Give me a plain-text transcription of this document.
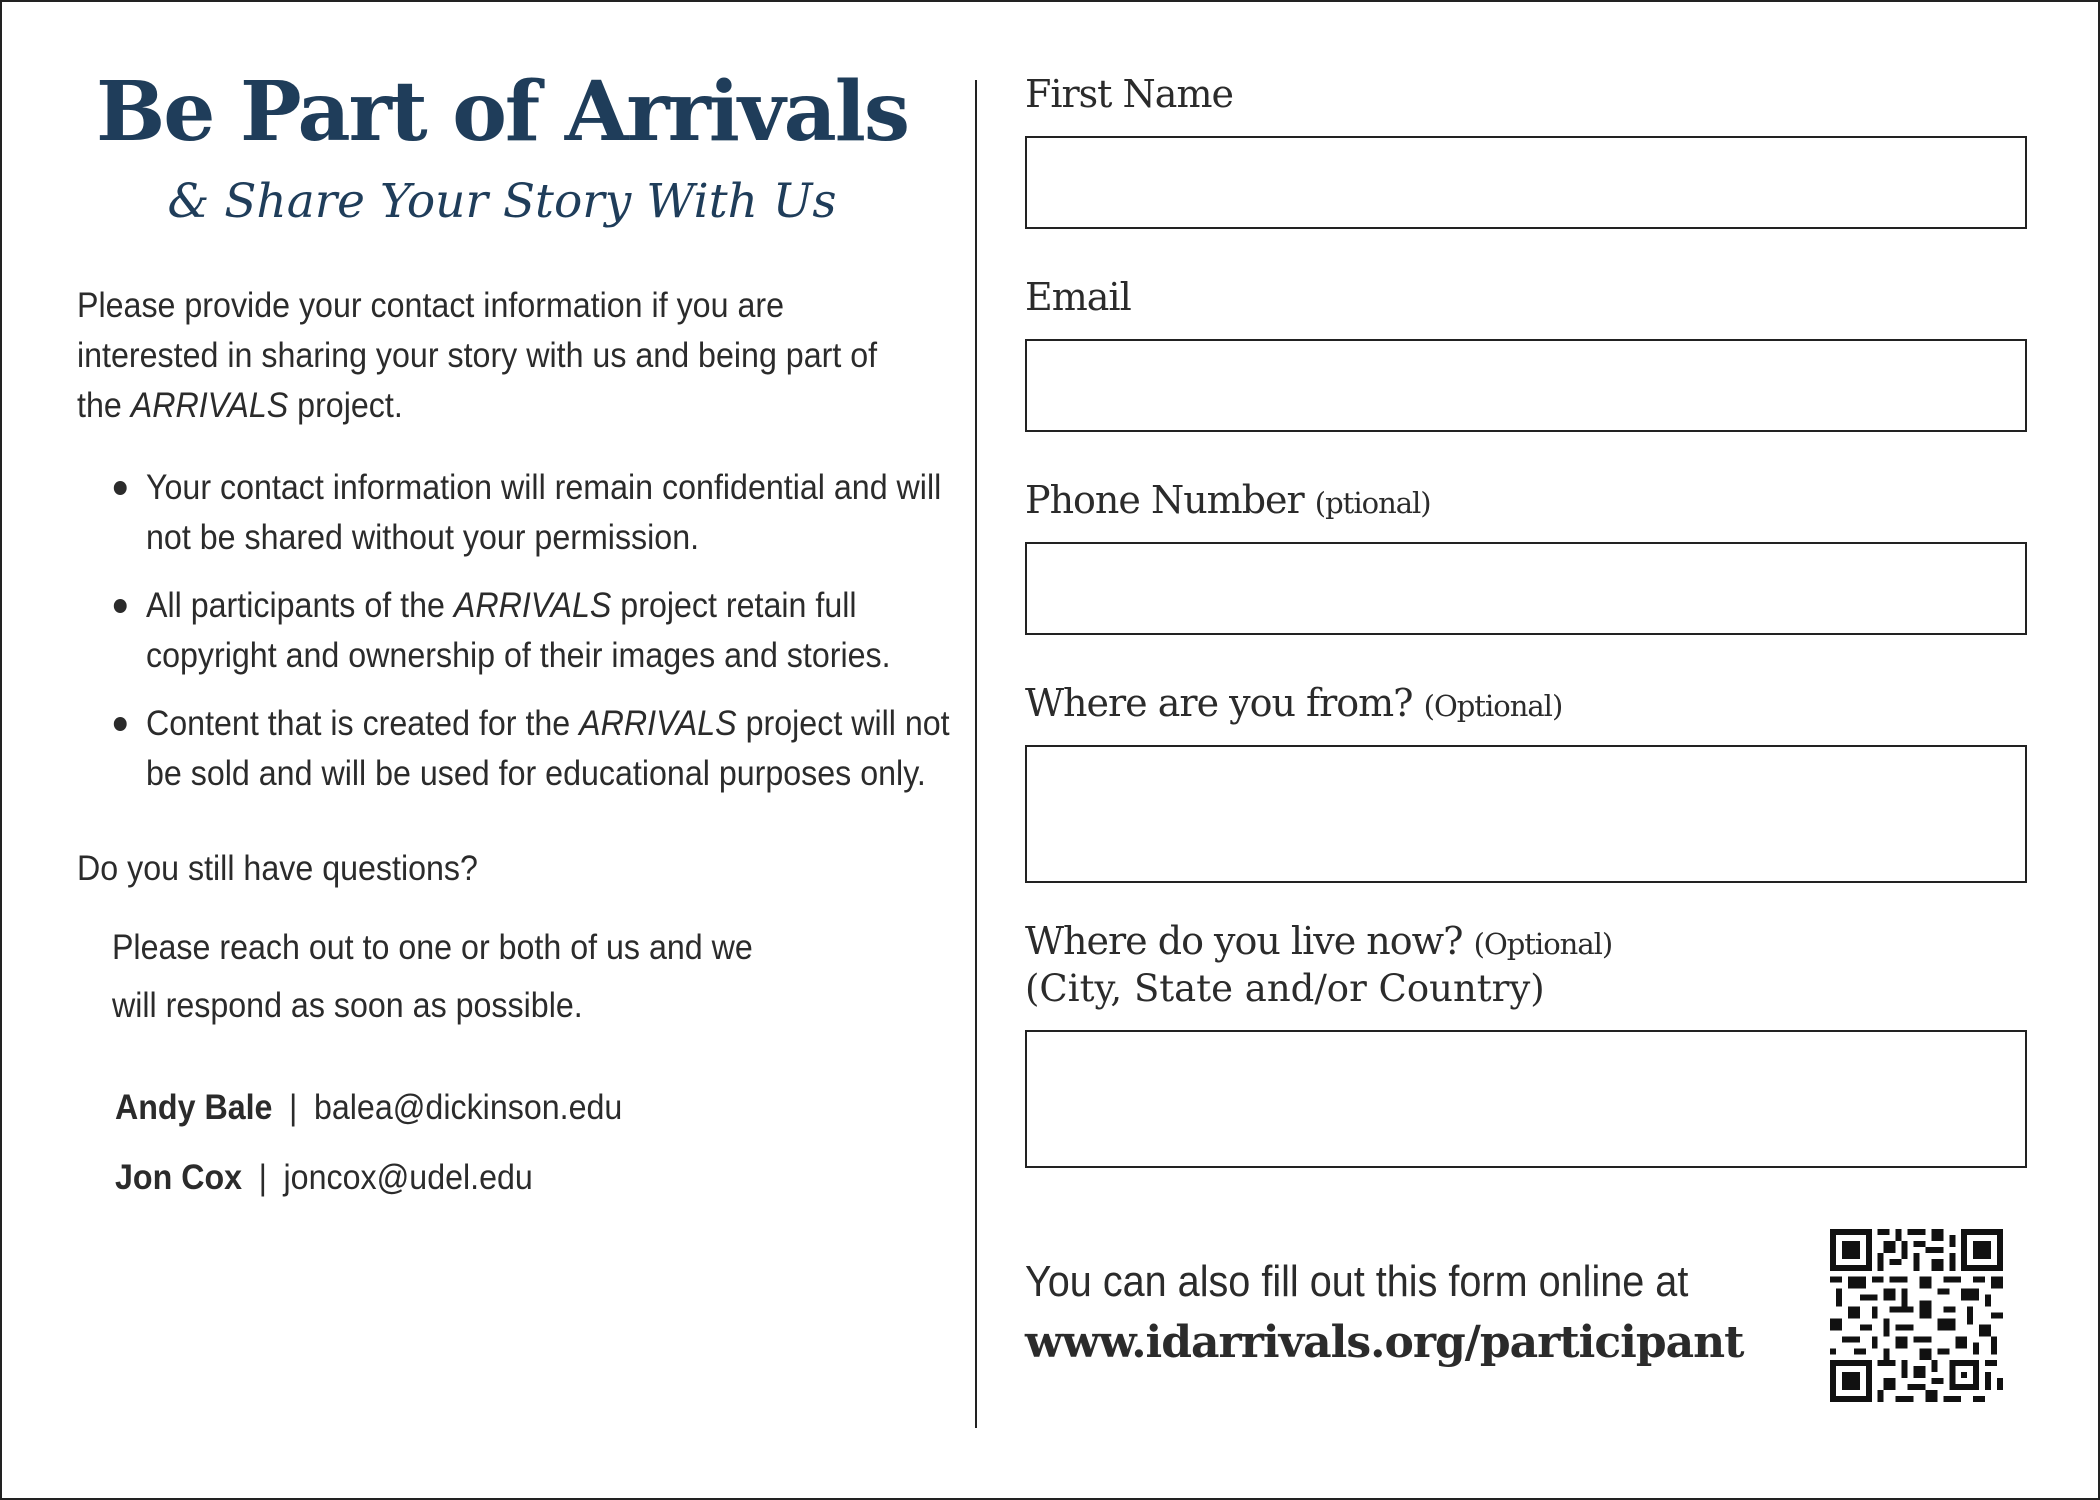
Be Part of Arrivals
& Share Your Story With Us
Please provide your contact information if you are interested in sharing your story with us and being part of the ARRIVALS project.
Your contact information will remain confidential and will not be shared without your permission.
All participants of the ARRIVALS project retain full copyright and ownership of their images and stories.
Content that is created for the ARRIVALS project will not be sold and will be used for educational purposes only.
Do you still have questions?
Please reach out to one or both of us and we will respond as soon as possible.
Andy Bale | balea@dickinson.edu
Jon Cox | joncox@udel.edu
First Name
Email
Phone Number (ptional)
Where are you from? (Optional)
Where do you live now? (Optional)
(City, State and/or Country)
You can also fill out this form online at
www.idarrivals.org/participant
